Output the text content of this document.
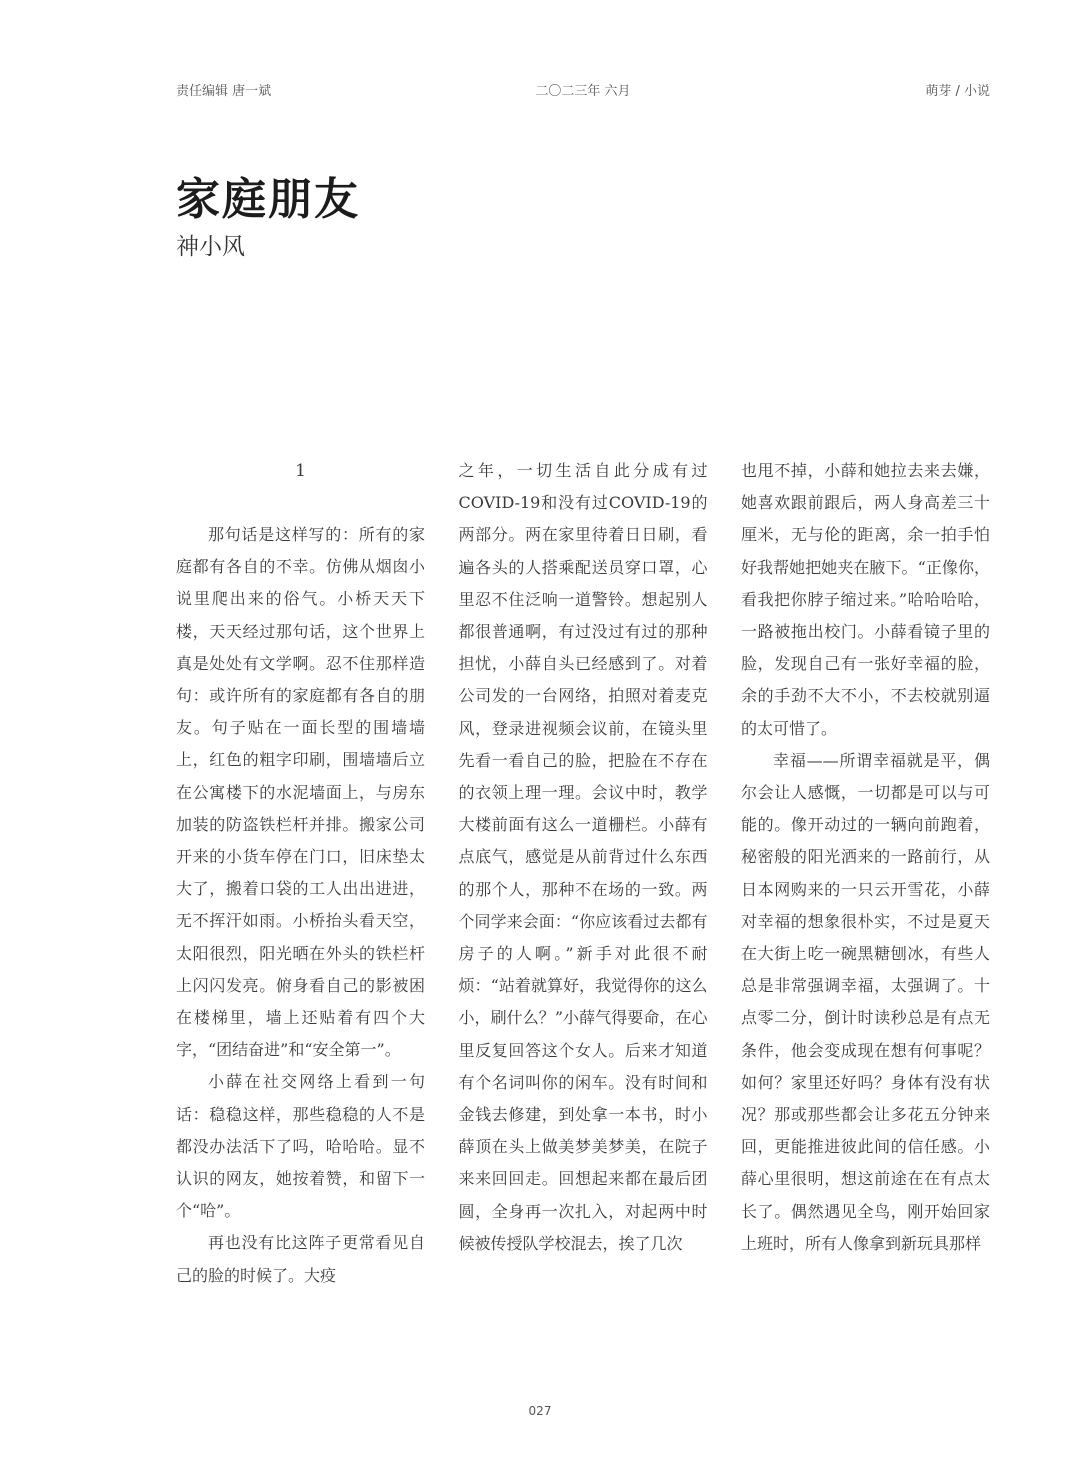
责任编辑 唐一斌	二〇二三年 六月	萌芽 / 小说
家庭朋友
神小风
1

那句话是这样写的：所有的家庭都有各自的不幸。仿佛从烟囱小说里爬出来的俗气。小桥天天下楼，天天经过那句话，这个世界上真是处处有文学啊。忍不住那样造句：或许所有的家庭都有各自的朋友。句子贴在一面长型的围墙墙上，红色的粗字印刷，围墙墙后立在公寓楼下的水泥墙面上，与房东加装的防盗铁栏杆并排。搬家公司开来的小货车停在门口，旧床垫太大了，搬着口袋的工人出出进进，无不挥汗如雨。小桥抬头看天空，太阳很烈，阳光晒在外头的铁栏杆上闪闪发亮。俯身看自己的影被困在楼梯里，墙上还贴着有四个大字，“团结奋进”和“安全第一”。

小薛在社交网络上看到一句话：稳稳这样，那些稳稳的人不是都没办法活下了吗，哈哈哈。显不认识的网友，她按着赞，和留下一个“哈”。

再也没有比这阵子更常看见自己的脸的时候了。大疫

之年，一切生活自此分成有过COVID-19和没有过COVID-19的两部分。两在家里待着日日刷，看遍各头的人搭乘配送员穿口罩，心里忍不住泛响一道警铃。想起别人都很普通啊，有过没过有过的那种担忧，小薛自头已经感到了。对着公司发的一台网络，拍照对着麦克风，登录进视频会议前，在镜头里先看一看自己的脸，把脸在不存在的衣领上理一理。会议中时，教学大楼前面有这么一道栅栏。小薛有点底气，感觉是从前背过什么东西的那个人，那种不在场的一致。两个同学来会面：“你应该看过去都有房子的人啊。”新手对此很不耐烦：“站着就算好，我觉得你的这么小，刷什么？”小薛气得要命，在心里反复回答这个女人。后来才知道有个名词叫你的闲车。没有时间和金钱去修建，到处拿一本书，时小薛顶在头上做美梦美梦美，在院子来来回回走。回想起来都在最后团圆，全身再一次扎入，对起两中时候被传授队学校混去，挨了几次

也甩不掉，小薛和她拉去来去嫌，她喜欢跟前跟后，两人身高差三十厘米，无与伦的距离，余一拍手怕好我帮她把她夹在腋下。“正像你，看我把你脖子缩过来。”哈哈哈哈，一路被拖出校门。小薛看镜子里的脸，发现自己有一张好幸福的脸，余的手劲不大不小，不去校就别逼的太可惜了。

幸福——所谓幸福就是平，偶尔会让人感慨，一切都是可以与可能的。像开动过的一辆向前跑着，秘密般的阳光洒来的一路前行，从日本网购来的一只云开雪花，小薛对幸福的想象很朴实，不过是夏天在大街上吃一碗黑糖刨冰，有些人总是非常强调幸福，太强调了。十点零二分，倒计时读秒总是有点无条件，他会变成现在想有何事呢？如何？家里还好吗？身体有没有状况？那或那些都会让多花五分钟来回，更能推进彼此间的信任感。小薛心里很明，想这前途在在有点太长了。偶然遇见全鸟，刚开始回家上班时，所有人像拿到新玩具那样

027
